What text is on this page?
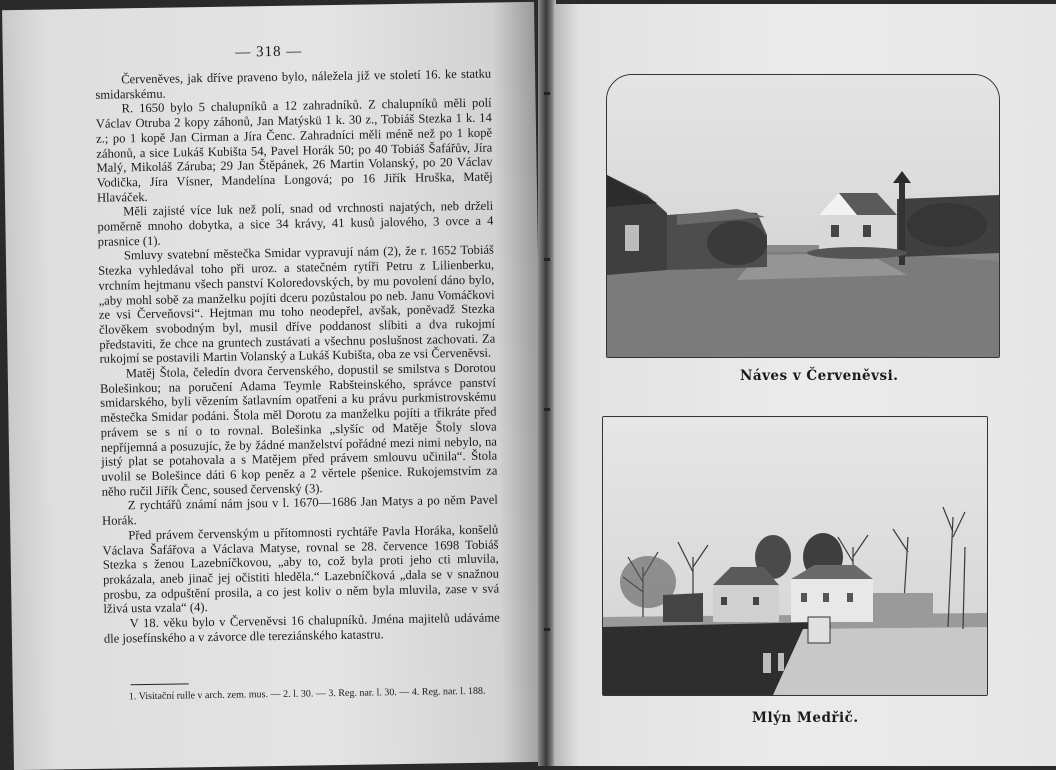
— 318 —

Červeněves, jak dříve praveno bylo, náležela již ve století 16. ke statku smidarskému.

R. 1650 bylo 5 chalupníků a 12 zahradníků. Z chalupníků měli polí Václav Otruba 2 kopy záhonů, Jan Matýskü 1 k. 30 z., Tobiáš Stezka 1 k. 14 z.; po 1 kopě Jan Cirman a Jíra Čenc. Zahradníci měli méně než po 1 kopě záhonů, a sice Lukáš Kubišta 54, Pavel Horák 50; po 40 Tobiáš Šafářův, Jíra Malý, Mikoláš Záruba; 29 Jan Štěpánek, 26 Martin Volanský, po 20 Václav Vodička, Jíra Vísner, Mandelína Longová; po 16 Jiřík Hruška, Matěj Hlaváček.

Měli zajisté více luk než polí, snad od vrchnosti najatých, neb drželi poměrně mnoho dobytka, a sice 34 krávy, 41 kusů jalového, 3 ovce a 4 prasnice (1).

Smluvy svatební městečka Smidar vypravují nám (2), že r. 1652 Tobiáš Stezka vyhledával toho při uroz. a statečném rytíři Petru z Lilienberku, vrchním hejtmanu všech panství Koloredovských, by mu povolení dáno bylo, „aby mohl sobě za manželku pojíti dceru pozůstalou po neb. Janu Vomáčkovi ze vsi Červeňovsi“. Hejtman mu toho neodepřel, avšak, poněvadž Stezka člověkem svobodným byl, musil dříve poddanost slíbiti a dva rukojmí představiti, že chce na gruntech zustávati a všechnu poslušnost zachovati. Za rukojmí se postavili Martin Volanský a Lukáš Kubišta, oba ze vsi Červeněvsi.

Matěj Štola, čeledín dvora červenského, dopustil se smilstva s Dorotou Bolešinkou; na poručení Adama Teymle Rabšteinského, správce panství smidarského, byli vězením šatlavním opatřeni a ku právu purkmistrovskému městečka Smidar podáni. Štola měl Dorotu za manželku pojíti a třikráte před právem se s ní o to rovnal. Bolešinka „slyšíc od Matěje Štoly slova nepříjemná a posuzujíc, že by žádné manželství pořádné mezi nimi nebylo, na jistý plat se potahovala a s Matějem před právem smlouvu učinila“. Štola uvolil se Bolešince dáti 6 kop peněz a 2 věrtele pšenice. Rukojemstvím za něho ručil Jiřík Čenc, soused červenský (3).

Z rychtářů známí nám jsou v l. 1670—1686 Jan Matys a po něm Pavel Horák.

Před právem červenským u přítomnosti rychtáře Pavla Horáka, konšelů Václava Šafářova a Václava Matyse, rovnal se 28. července 1698 Tobiáš Stezka s ženou Lazebníčkovou, „aby to, což byla proti jeho cti mluvila, prokázala, aneb jinač jej očistiti hleděla.“ Lazebníčková „dala se v snažnou prosbu, za odpuštění prosila, a co jest koliv o něm byla mluvila, zase v svá lživá usta vzala“ (4).

V 18. věku bylo v Červeněvsi 16 chalupníků. Jména majitelů udáváme dle josefínského a v závorce dle tereziánského katastru.

1. Visitační rulle v arch. zem. mus. — 2. l. 30. — 3. Reg. nar. l. 30. — 4. Reg. nar. l. 188.

Náves v Červeněvsi.
Mlýn Medřič.
